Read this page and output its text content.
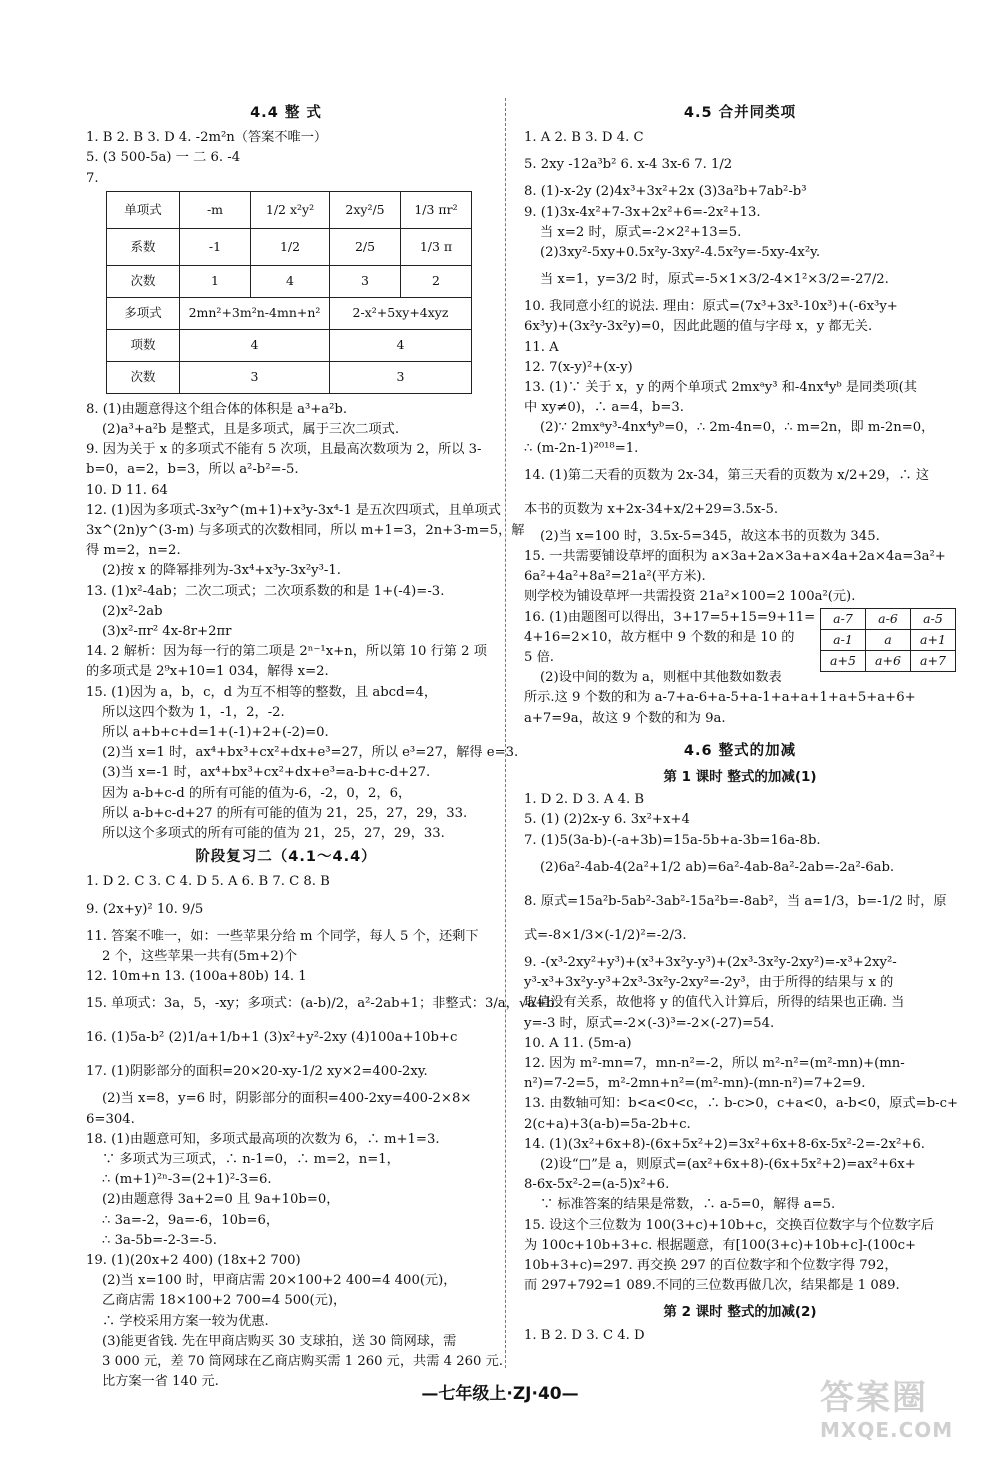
4.4 整 式
1. B 2. B 3. D 4. -2m²n（答案不唯一）
5. (3 500-5a) 一 二 6. -4
7.
单项式	-m	1/2 x²y²	2xy²/5	1/3 πr²
系数	-1	1/2	2/5	1/3 π
次数	1	4	3	2
多项式	2mn²+3m²n-4mn+n²		2-x²+5xy+4xyz	
项数	4		4	
次数	3		3	
8. (1)由题意得这个组合体的体积是 a³+a²b.
(2)a³+a²b 是整式，且是多项式，属于三次二项式.
9. 因为关于 x 的多项式不能有 5 次项，且最高次数项为 2，所以 3-
b=0，a=2，b=3，所以 a²-b²=-5.
10. D 11. 64
12. (1)因为多项式-3x²y^(m+1)+x³y-3x⁴-1 是五次四项式，且单项式
3x^(2n)y^(3-m) 与多项式的次数相同，所以 m+1=3，2n+3-m=5，解
得 m=2，n=2.
(2)按 x 的降幂排列为-3x⁴+x³y-3x²y³-1.
13. (1)x²-4ab；二次二项式；二次项系数的和是 1+(-4)=-3.
(2)x²-2ab
(3)x²-πr² 4x-8r+2πr
14. 2 解析：因为每一行的第二项是 2ⁿ⁻¹x+n，所以第 10 行第 2 项
的多项式是 2⁹x+10=1 034，解得 x=2.
15. (1)因为 a，b，c，d 为互不相等的整数，且 abcd=4，
所以这四个数为 1，-1，2，-2.
所以 a+b+c+d=1+(-1)+2+(-2)=0.
(2)当 x=1 时，ax⁴+bx³+cx²+dx+e³=27，所以 e³=27，解得 e=3.
(3)当 x=-1 时，ax⁴+bx³+cx²+dx+e³=a-b+c-d+27.
因为 a-b+c-d 的所有可能的值为-6，-2，0，2，6，
所以 a-b+c-d+27 的所有可能的值为 21，25，27，29，33.
所以这个多项式的所有可能的值为 21，25，27，29，33.
阶段复习二（4.1～4.4）
1. D 2. C 3. C 4. D 5. A 6. B 7. C 8. B
9. (2x+y)² 10. 9/5
11. 答案不唯一，如：一些苹果分给 m 个同学，每人 5 个，还剩下
2 个，这些苹果一共有(5m+2)个
12. 10m+n 13. (100a+80b) 14. 1
15. 单项式：3a，5，-xy；多项式：(a-b)/2，a²-2ab+1；非整式：3/a，√a+b.
16. (1)5a-b² (2)1/a+1/b+1 (3)x²+y²-2xy (4)100a+10b+c
17. (1)阴影部分的面积=20×20-xy-1/2 xy×2=400-2xy.
(2)当 x=8，y=6 时，阴影部分的面积=400-2xy=400-2×8×
6=304.
18. (1)由题意可知，多项式最高项的次数为 6，∴ m+1=3.
∵ 多项式为三项式，∴ n-1=0，∴ m=2，n=1，
∴ (m+1)²ⁿ-3=(2+1)²-3=6.
(2)由题意得 3a+2=0 且 9a+10b=0，
∴ 3a=-2，9a=-6，10b=6，
∴ 3a-5b=-2-3=-5.
19. (1)(20x+2 400) (18x+2 700)
(2)当 x=100 时，甲商店需 20×100+2 400=4 400(元)，
乙商店需 18×100+2 700=4 500(元)，
∴ 学校采用方案一较为优惠.
(3)能更省钱. 先在甲商店购买 30 支球拍，送 30 筒网球，需
3 000 元，差 70 筒网球在乙商店购买需 1 260 元，共需 4 260 元.
比方案一省 140 元.
4.5 合并同类项
1. A 2. B 3. D 4. C
5. 2xy -12a³b² 6. x-4 3x-6 7. 1/2
8. (1)-x-2y (2)4x³+3x²+2x (3)3a²b+7ab²-b³
9. (1)3x-4x²+7-3x+2x²+6=-2x²+13.
当 x=2 时，原式=-2×2²+13=5.
(2)3xy²-5xy+0.5x²y-3xy²-4.5x²y=-5xy-4x²y.
当 x=1，y=3/2 时，原式=-5×1×3/2-4×1²×3/2=-27/2.
10. 我同意小红的说法. 理由：原式=(7x³+3x³-10x³)+(-6x³y+
6x³y)+(3x²y-3x²y)=0，因此此题的值与字母 x，y 都无关.
11. A
12. 7(x-y)²+(x-y)
13. (1)∵ 关于 x，y 的两个单项式 2mxᵃy³ 和-4nx⁴yᵇ 是同类项(其
中 xy≠0)，∴ a=4，b=3.
(2)∵ 2mxᵃy³-4nx⁴yᵇ=0，∴ 2m-4n=0，∴ m=2n，即 m-2n=0，
∴ (m-2n-1)²⁰¹⁸=1.
14. (1)第二天看的页数为 2x-34，第三天看的页数为 x/2+29，∴ 这
本书的页数为 x+2x-34+x/2+29=3.5x-5.
(2)当 x=100 时，3.5x-5=345，故这本书的页数为 345.
15. 一共需要铺设草坪的面积为 a×3a+2a×3a+a×4a+2a×4a=3a²+
6a²+4a²+8a²=21a²(平方米).
则学校为铺设草坪一共需投资 21a²×100=2 100a²(元).
a-7	a-6	a-5
a-1	a	a+1
a+5	a+6	a+7
16. (1)由题图可以得出，3+17=5+15=9+11=
4+16=2×10，故方框中 9 个数的和是 10 的
5 倍.
(2)设中间的数为 a，则框中其他数如数表
所示.这 9 个数的和为 a-7+a-6+a-5+a-1+a+a+1+a+5+a+6+
a+7=9a，故这 9 个数的和为 9a.
4.6 整式的加减
第 1 课时 整式的加减(1)
1. D 2. D 3. A 4. B
5. (1) (2)2x-y 6. 3x²+x+4
7. (1)5(3a-b)-(-a+3b)=15a-5b+a-3b=16a-8b.
(2)6a²-4ab-4(2a²+1/2 ab)=6a²-4ab-8a²-2ab=-2a²-6ab.
8. 原式=15a²b-5ab²-3ab²-15a²b=-8ab²，当 a=1/3，b=-1/2 时，原
式=-8×1/3×(-1/2)²=-2/3.
9. -(x³-2xy²+y³)+(x³+3x²y-y³)+(2x³-3x²y-2xy²)=-x³+2xy²-
y³-x³+3x²y-y³+2x³-3x²y-2xy²=-2y³，由于所得的结果与 x 的
取值没有关系，故他将 y 的值代入计算后，所得的结果也正确. 当
y=-3 时，原式=-2×(-3)³=-2×(-27)=54.
10. A 11. (5m-a)
12. 因为 m²-mn=7，mn-n²=-2，所以 m²-n²=(m²-mn)+(mn-
n²)=7-2=5，m²-2mn+n²=(m²-mn)-(mn-n²)=7+2=9.
13. 由数轴可知：b<a<0<c，∴ b-c>0，c+a<0，a-b<0，原式=b-c+
2(c+a)+3(a-b)=5a-2b+c.
14. (1)(3x²+6x+8)-(6x+5x²+2)=3x²+6x+8-6x-5x²-2=-2x²+6.
(2)设“□”是 a，则原式=(ax²+6x+8)-(6x+5x²+2)=ax²+6x+
8-6x-5x²-2=(a-5)x²+6.
∵ 标准答案的结果是常数，∴ a-5=0，解得 a=5.
15. 设这个三位数为 100(3+c)+10b+c，交换百位数字与个位数字后
为 100c+10b+3+c. 根据题意，有[100(3+c)+10b+c]-(100c+
10b+3+c)=297. 再交换 297 的百位数字和个位数字得 792，
而 297+792=1 089.不同的三位数再做几次，结果都是 1 089.
第 2 课时 整式的加减(2)
1. B 2. D 3. C 4. D
—七年级上·ZJ·40—	答案圈
MXQE.COM
